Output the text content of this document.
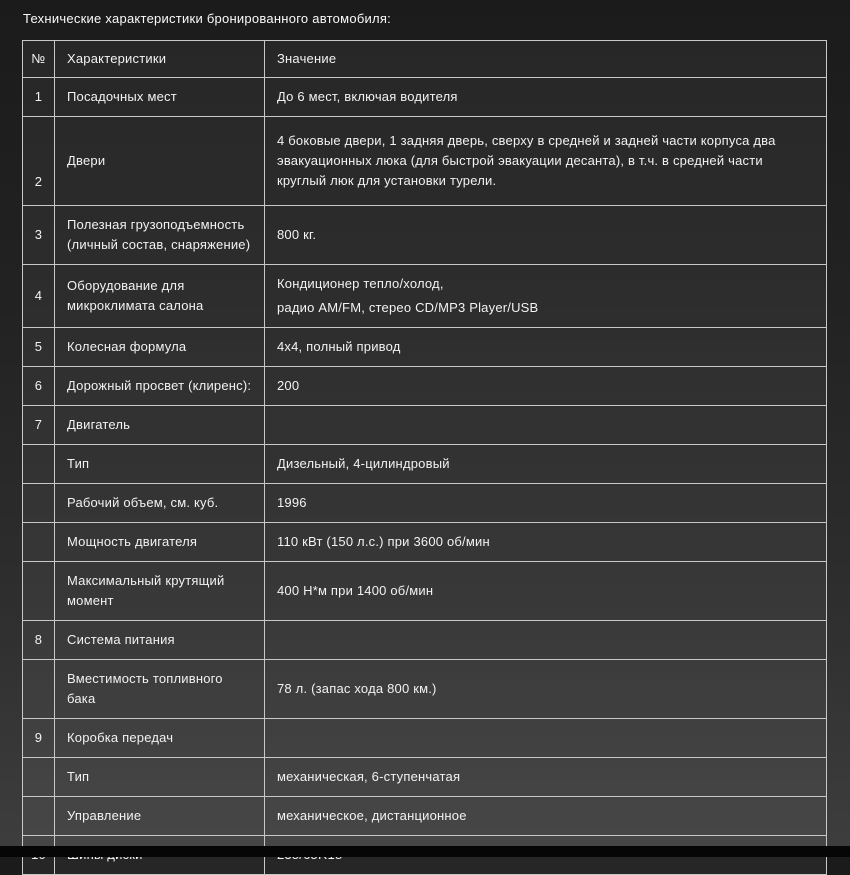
Технические характеристики бронированного автомобиля:
№	Характеристики	Значение
1	Посадочных мест	До 6 мест, включая водителя
2	Двери	4 боковые двери, 1 задняя дверь, сверху в средней и задней части корпуса два эвакуационных люка (для быстрой эвакуации десанта), в т.ч. в средней части круглый люк для установки турели.
3	Полезная грузоподъемность (личный состав, снаряжение)	800 кг.
4	Оборудование для микроклимата салона	Кондиционер тепло/холод,
радио AM/FM, стерео CD/MP3 Player/USB

5	Колесная формула	4x4, полный привод
6	Дорожный просвет (клиренс):	200
7	Двигатель	
	Тип	Дизельный, 4-цилиндровый
	Рабочий объем, см. куб.	1996
	Мощность двигателя	110 кВт (150 л.с.) при 3600 об/мин
	Максимальный крутящий момент	400 Н*м при 1400 об/мин
8	Система питания	
	Вместимость топливного бака	78 л. (запас хода 800 км.)
9	Коробка передач	
	Тип	механическая, 6-ступенчатая
	Управление	механическое, дистанционное
